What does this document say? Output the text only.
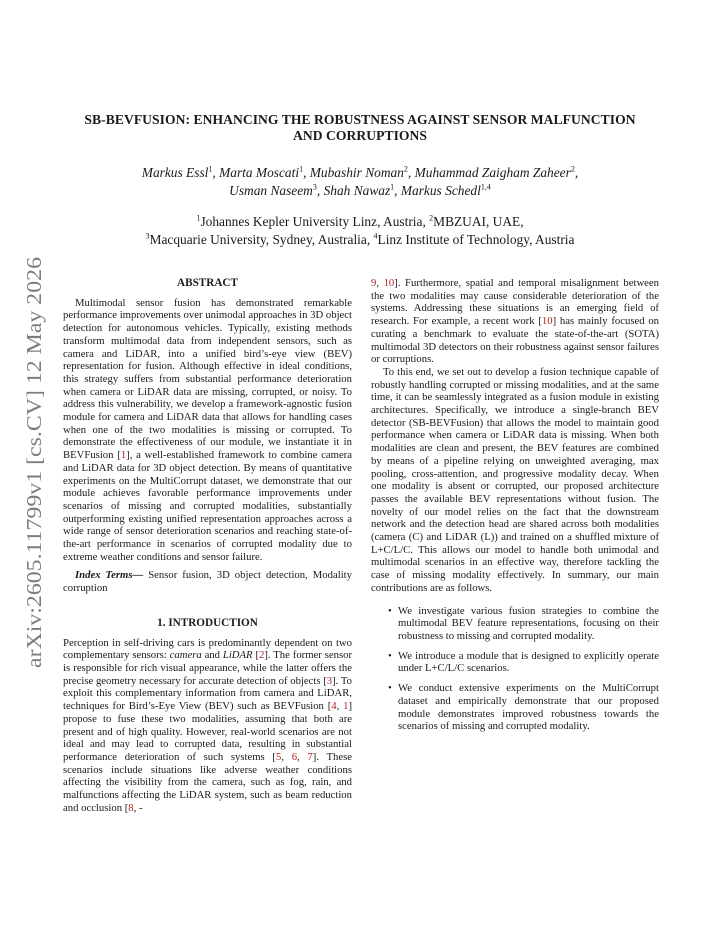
arXiv:2605.11799v1 [cs.CV] 12 May 2026
SB-BEVFUSION: ENHANCING THE ROBUSTNESS AGAINST SENSOR MALFUNCTION
AND CORRUPTIONS
Markus Essl$^1$, Marta Moscati$^1$, Mubashir Noman$^2$, Muhammad Zaigham Zaheer$^2$,
Usman Naseem$^3$, Shah Nawaz$^1$, Markus Schedl$^{1,4}$
$^1$Johannes Kepler University Linz, Austria, $^2$MBZUAI, UAE,
$^3$Macquarie University, Sydney, Australia, $^4$Linz Institute of Technology, Austria
ABSTRACT

Multimodal sensor fusion has demonstrated remarkable performance improvements over unimodal approaches in 3D object detection for autonomous vehicles. Typically, existing methods transform multimodal data from independent sensors, such as camera and LiDAR, into a unified bird’s-eye view (BEV) representation for fusion. Although effective in ideal conditions, this strategy suffers from substantial performance deterioration when camera or LiDAR data are missing, corrupted, or noisy. To address this vulnerability, we develop a framework-agnostic fusion module for camera and LiDAR data that allows for handling cases when one of the two modalities is missing or corrupted. To demonstrate the effectiveness of our module, we instantiate it in BEVFusion [1], a well-established framework to combine camera and LiDAR data for 3D object detection. By means of quantitative experiments on the MultiCorrupt dataset, we demonstrate that our module achieves favorable performance improvements under scenarios of missing and corrupted modalities, substantially outperforming existing unified representation approaches across a wide range of sensor deterioration scenarios and reaching state-of-the-art performance in scenarios of corrupted modality due to extreme weather conditions and sensor failure.

Index Terms— Sensor fusion, 3D object detection, Modality corruption

1. INTRODUCTION

Perception in self-driving cars is predominantly dependent on two complementary sensors: camera and LiDAR [2]. The former sensor is responsible for rich visual appearance, while the latter offers the precise geometry necessary for accurate detection of objects [3]. To exploit this complementary information from camera and LiDAR, techniques for Bird’s-Eye View (BEV) such as BEVFusion [4, 1] propose to fuse these two modalities, assuming that both are present and of high quality. However, real-world scenarios are not ideal and may lead to corrupted data, resulting in substantial performance deterioration of such systems [5, 6, 7]. These scenarios include situations like adverse weather conditions affecting the visibility from the camera, such as fog, rain, and malfunctions affecting the LiDAR system, such as beam reduction and occlusion [8, -

9, 10]. Furthermore, spatial and temporal misalignment between the two modalities may cause considerable deterioration of the systems. Addressing these situations is an emerging field of research. For example, a recent work [10] has mainly focused on curating a benchmark to evaluate the state-of-the-art (SOTA) multimodal 3D detectors on their robustness against sensor failures or corruptions.

To this end, we set out to develop a fusion technique capable of robustly handling corrupted or missing modalities, and at the same time, it can be seamlessly integrated as a fusion module in existing architectures. Specifically, we introduce a single-branch BEV detector (SB-BEVFusion) that allows the model to maintain good performance when camera or LiDAR data is missing. When both modalities are clean and present, the BEV features are combined by means of a pipeline relying on unweighted averaging, max pooling, cross-attention, and progressive modality decay. When one modality is absent or corrupted, our proposed architecture passes the available BEV representations without fusion. The novelty of our model relies on the fact that the downstream network and the detection head are shared across both modalities (camera (C) and LiDAR (L)) and trained on a shuffled mixture of L+C/L/C. This allows our model to handle both unimodal and multimodal scenarios in an effective way, therefore tackling the case of missing modality effectively. In summary, our main contributions are as follows.

• We investigate various fusion strategies to combine the multimodal BEV feature representations, focusing on their robustness to missing and corrupted modality.
• We introduce a module that is designed to explicitly operate under L+C/L/C scenarios.
• We conduct extensive experiments on the MultiCorrupt dataset and empirically demonstrate that our proposed module demonstrates improved robustness towards the scenarios of missing and corrupted modality.
